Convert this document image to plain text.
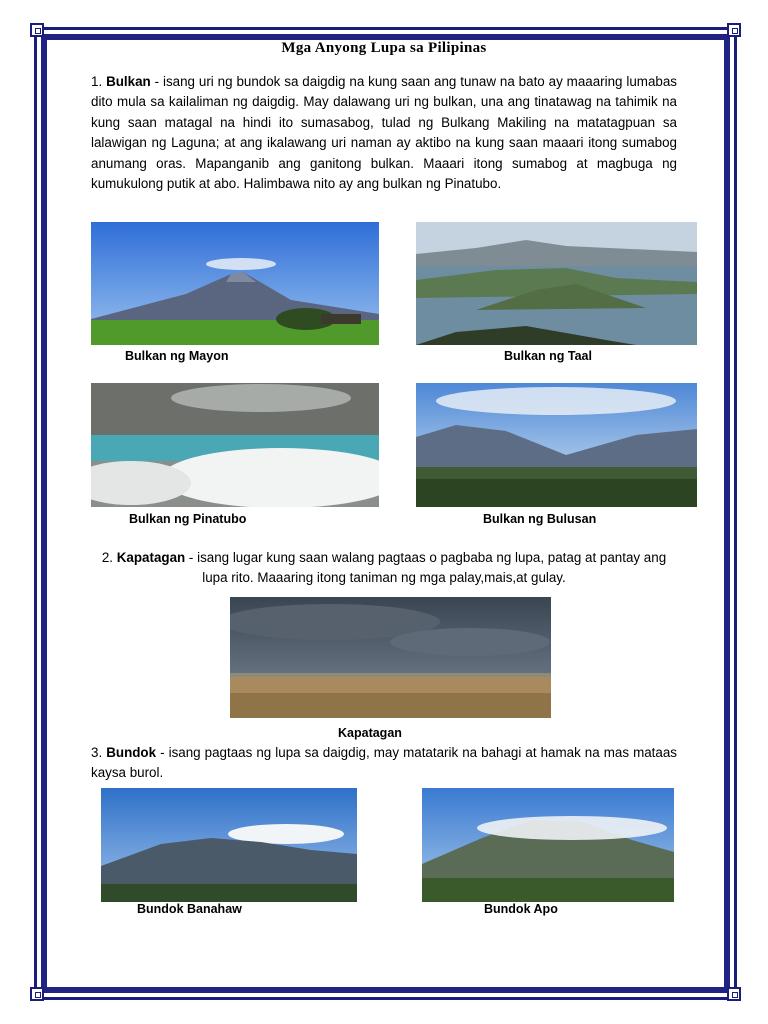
Mga Anyong Lupa sa Pilipinas

1. Bulkan - isang uri ng bundok sa daigdig na kung saan ang tunaw na bato ay maaaring lumabas dito mula sa kailaliman ng daigdig. May dalawang uri ng bulkan, una ang tinatawag na tahimik na kung saan matagal na hindi ito sumasabog, tulad ng Bulkang Makiling na matatagpuan sa lalawigan ng Laguna; at ang ikalawang uri naman ay aktibo na kung saan maaari itong sumabog anumang oras. Mapanganib ang ganitong bulkan. Maaari itong sumabog at magbuga ng kumukulong putik at abo. Halimbawa nito ay ang bulkan ng Pinatubo.

Bulkan ng Mayon	Bulkan ng Taal
Bulkan ng Pinatubo	Bulkan ng Bulusan

2. Kapatagan - isang lugar kung saan walang pagtaas o pagbaba ng lupa, patag at pantay ang lupa rito. Maaaring itong taniman ng mga palay,mais,at gulay.

Kapatagan

3. Bundok - isang pagtaas ng lupa sa daigdig, may matatarik na bahagi at hamak na mas mataas kaysa burol.

Bundok Banahaw	Bundok Apo
